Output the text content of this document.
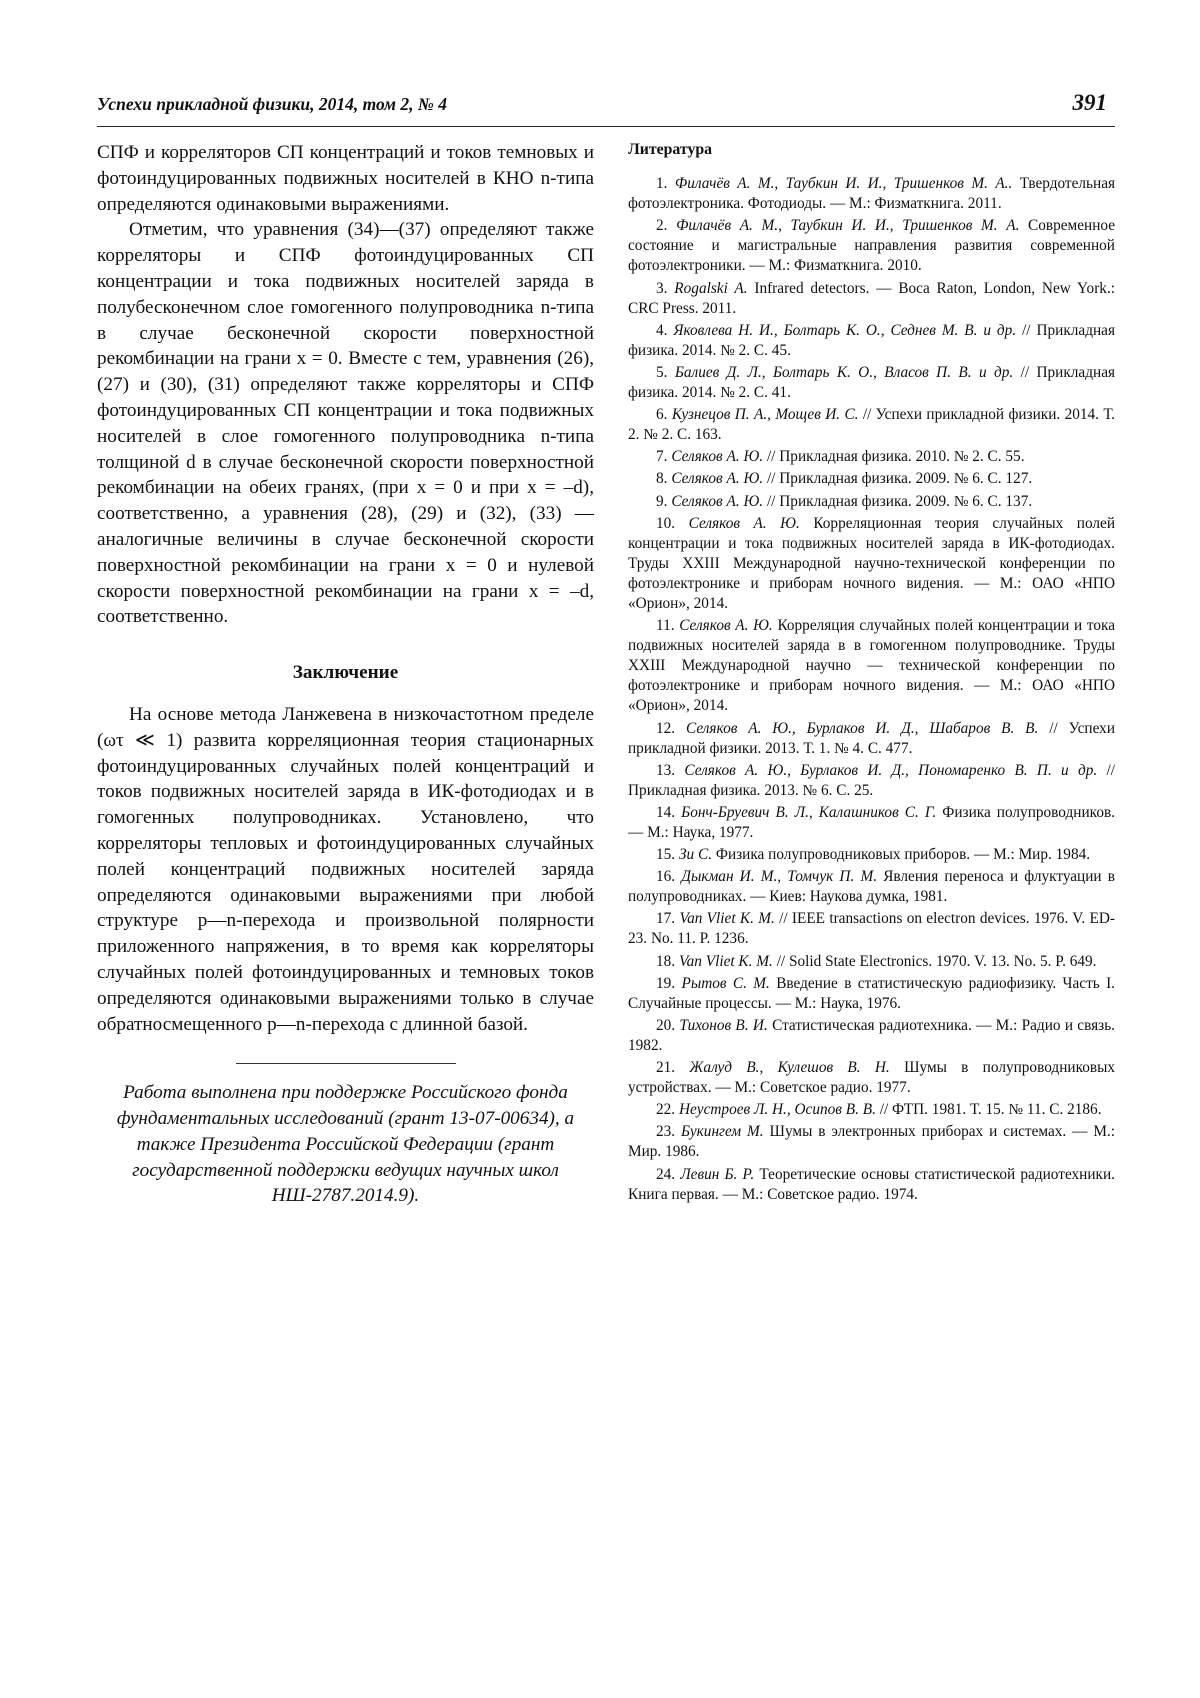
Успехи прикладной физики, 2014, том 2, № 4	391

СПФ и корреляторов СП концентраций и токов темновых и фотоиндуцированных подвижных носителей в КНО n-типа определяются одинаковыми выражениями.

Отметим, что уравнения (34)—(37) определяют также корреляторы и СПФ фотоиндуцированных СП концентрации и тока подвижных носителей заряда в полубесконечном слое гомогенного полупроводника n-типа в случае бесконечной скорости поверхностной рекомбинации на грани x = 0. Вместе с тем, уравнения (26), (27) и (30), (31) определяют также корреляторы и СПФ фотоиндуцированных СП концентрации и тока подвижных носителей в слое гомогенного полупроводника n-типа толщиной d в случае бесконечной скорости поверхностной рекомбинации на обеих гранях, (при x = 0 и при x = –d), соответственно, а уравнения (28), (29) и (32), (33) — аналогичные величины в случае бесконечной скорости поверхностной рекомбинации на грани x = 0 и нулевой скорости поверхностной рекомбинации на грани x = –d, соответственно.

Заключение

На основе метода Ланжевена в низкочастотном пределе (ωτ ≪ 1) развита корреляционная теория стационарных фотоиндуцированных случайных полей концентраций и токов подвижных носителей заряда в ИК-фотодиодах и в гомогенных полупроводниках. Установлено, что корреляторы тепловых и фотоиндуцированных случайных полей концентраций подвижных носителей заряда определяются одинаковыми выражениями при любой структуре p—n-перехода и произвольной полярности приложенного напряжения, в то время как корреляторы случайных полей фотоиндуцированных и темновых токов определяются одинаковыми выражениями только в случае обратносмещенного p—n-перехода с длинной базой.

Работа выполнена при поддержке Российского фонда фундаментальных исследований (грант 13-07-00634), а также Президента Российской Федерации (грант государственной поддержки ведущих научных школ НШ-2787.2014.9).
Литература

1. Филачёв А. М., Таубкин И. И., Тришенков М. А.. Твердотельная фотоэлектроника. Фотодиоды. — М.: Физматкнига. 2011.

2. Филачёв А. М., Таубкин И. И., Тришенков М. А. Современное состояние и магистральные направления развития современной фотоэлектроники. — М.: Физматкнига. 2010.

3. Rogalski A. Infrared detectors. — Boca Raton, London, New York.: CRC Press. 2011.

4. Яковлева Н. И., Болтарь К. О., Седнев М. В. и др. // Прикладная физика. 2014. № 2. С. 45.

5. Балиев Д. Л., Болтарь К. О., Власов П. В. и др. // Прикладная физика. 2014. № 2. С. 41.

6. Кузнецов П. А., Мощев И. С. // Успехи прикладной физики. 2014. Т. 2. № 2. С. 163.

7. Селяков А. Ю. // Прикладная физика. 2010. № 2. С. 55.

8. Селяков А. Ю. // Прикладная физика. 2009. № 6. С. 127.

9. Селяков А. Ю. // Прикладная физика. 2009. № 6. С. 137.

10. Селяков А. Ю. Корреляционная теория случайных полей концентрации и тока подвижных носителей заряда в ИК-фотодиодах. Труды XXIII Международной научно-технической конференции по фотоэлектронике и приборам ночного видения. — М.: ОАО «НПО «Орион», 2014.

11. Селяков А. Ю. Корреляция случайных полей концентрации и тока подвижных носителей заряда в в гомогенном полупроводнике. Труды XXIII Международной научно — технической конференции по фотоэлектронике и приборам ночного видения. — М.: ОАО «НПО «Орион», 2014.

12. Селяков А. Ю., Бурлаков И. Д., Шабаров В. В. // Успехи прикладной физики. 2013. Т. 1. № 4. С. 477.

13. Селяков А. Ю., Бурлаков И. Д., Пономаренко В. П. и др. // Прикладная физика. 2013. № 6. С. 25.

14. Бонч-Бруевич В. Л., Калашников С. Г. Физика полупроводников. — М.: Наука, 1977.

15. Зи С. Физика полупроводниковых приборов. — М.: Мир. 1984.

16. Дыкман И. М., Томчук П. М. Явления переноса и флуктуации в полупроводниках. — Киев: Наукова думка, 1981.

17. Van Vliet K. M. // IEEE transactions on electron devices. 1976. V. ED-23. No. 11. P. 1236.

18. Van Vliet K. M. // Solid State Electronics. 1970. V. 13. No. 5. P. 649.

19. Рытов С. М. Введение в статистическую радиофизику. Часть I. Случайные процессы. — М.: Наука, 1976.

20. Тихонов В. И. Статистическая радиотехника. — М.: Радио и связь. 1982.

21. Жалуд В., Кулешов В. Н. Шумы в полупроводниковых устройствах. — М.: Советское радио. 1977.

22. Неустроев Л. Н., Осипов В. В. // ФТП. 1981. Т. 15. № 11. С. 2186.

23. Букингем М. Шумы в электронных приборах и системах. — М.: Мир. 1986.

24. Левин Б. Р. Теоретические основы статистической радиотехники. Книга первая. — М.: Советское радио. 1974.
